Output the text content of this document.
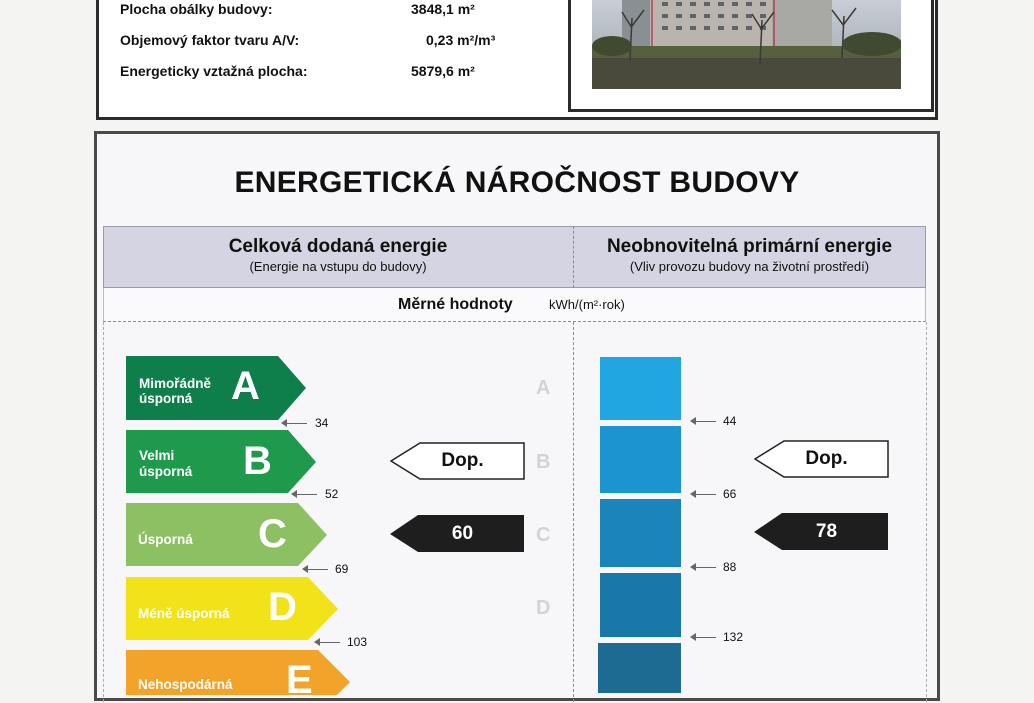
Plocha obálky budovy:	3848,1 m²
Objemový faktor tvaru A/V:	0,23 m²/m³
Energeticky vztažná plocha:	5879,6 m²
ENERGETICKÁ NÁROČNOST BUDOVY
Celková dodaná energie
(Energie na vstupu do budovy)
Neobnovitelná primární energie
(Vliv provozu budovy na životní prostředí)
Měrné hodnoty	kWh/(m²·rok)
A
B
C
D
Mimořádně
úsporná A
Velmi
úsporná B
Úsporná C
Méně úsporná D
Nehospodárná E
34
52
69
103
Dop.
60
44
66
88
132
Dop.
78
